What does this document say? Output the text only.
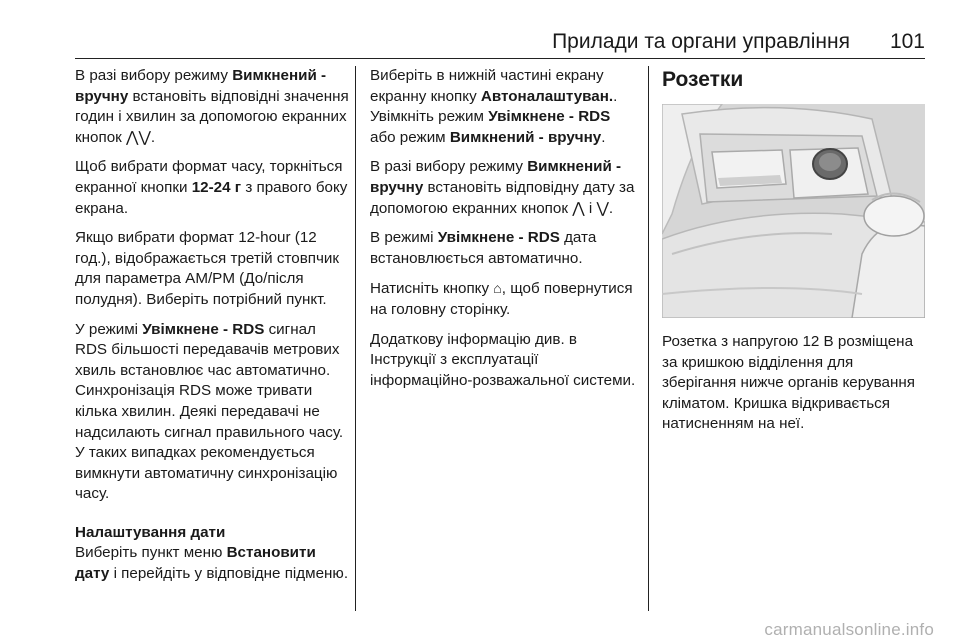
Прилади та органи управління 101

В разі вибору режиму Вимкнений - вручну встановіть відповідні значення годин і хвилин за допомогою екранних кнопок ⋀⋁.

Щоб вибрати формат часу, торкніться екранної кнопки 12-24 г з правого боку екрана.

Якщо вибрати формат 12-hour (12 год.), відображається третій стовпчик для параметра AM/PM (До/після полудня). Виберіть потрібний пункт.

У режимі Увімкнене - RDS сигнал RDS більшості передавачів метрових хвиль встановлює час автоматично. Синхронізація RDS може тривати кілька хвилин. Деякі передавачі не надсилають сигнал правильного часу. У таких випадках рекомендується вимкнути автоматичну синхронізацію часу.

Налаштування дати

Виберіть пункт меню Встановити дату і перейдіть у відповідне підменю.

Виберіть в нижній частині екрану екранну кнопку Автоналаштуван.. Увімкніть режим Увімкнене - RDS або режим Вимкнений - вручну.

В разі вибору режиму Вимкнений - вручну встановіть відповідну дату за допомогою екранних кнопок ⋀ і ⋁.

В режимі Увімкнене - RDS дата встановлюється автоматично.

Натисніть кнопку ⌂, щоб повернутися на головну сторінку.

Додаткову інформацію див. в Інструкції з експлуатації інформаційно-розважальної системи.

Розетки

Розетка з напругою 12 В розміщена за кришкою відділення для зберігання нижче органів керування кліматом. Кришка відкривається натисненням на неї.

carmanualsonline.info
